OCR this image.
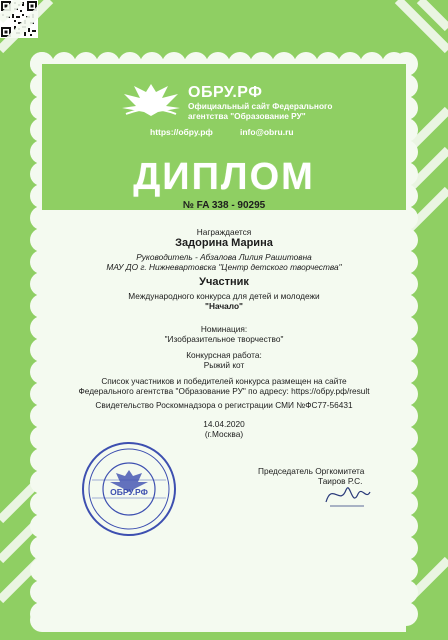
ОБРУ.РФ
Официальный сайт Федерального
агентства "Образование РУ"
https://обру.рф	info@obru.ru
ДИПЛОМ
№ FA 338 - 90295
Награждается
Задорина Марина
Руководитель - Абзалова Лилия Рашитовна
МАУ ДО г. Нижневартовска "Центр детского творчества"
Участник
Международного конкурса для детей и молодежи
"Начало"
Номинация:
"Изобразительное творчество"
Конкурсная работа:
Рыжий кот
Список участников и победителей конкурса размещен на сайте
Федерального агентства "Образование РУ" по адресу: https://обру.рф/result
Свидетельство Роскомнадзора о регистрации СМИ №ФС77-56431
14.04.2020
(г.Москва)
ОБРУ.РФ
Председатель Оргкомитета
Таиров Р.С.
